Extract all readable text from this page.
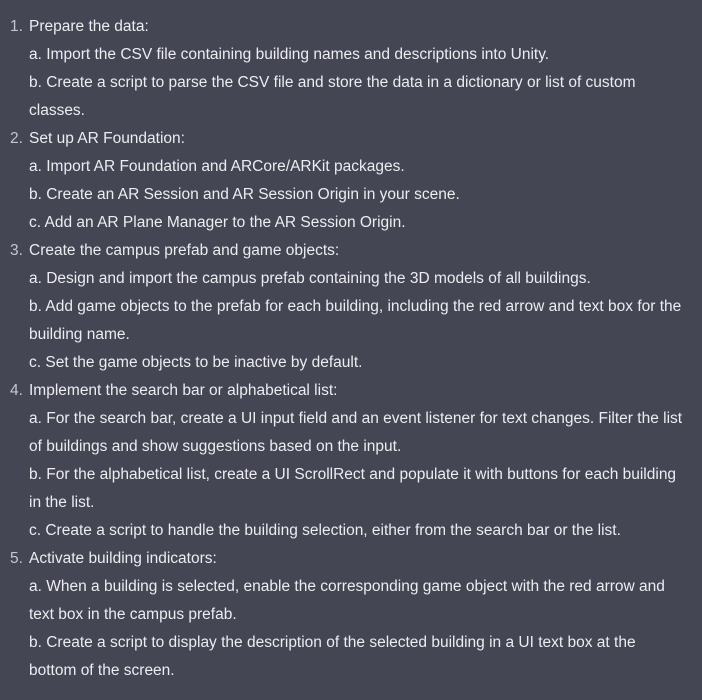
1. Prepare the data:
a. Import the CSV file containing building names and descriptions into Unity.
b. Create a script to parse the CSV file and store the data in a dictionary or list of custom classes.
2. Set up AR Foundation:
a. Import AR Foundation and ARCore/ARKit packages.
b. Create an AR Session and AR Session Origin in your scene.
c. Add an AR Plane Manager to the AR Session Origin.
3. Create the campus prefab and game objects:
a. Design and import the campus prefab containing the 3D models of all buildings.
b. Add game objects to the prefab for each building, including the red arrow and text box for the building name.
c. Set the game objects to be inactive by default.
4. Implement the search bar or alphabetical list:
a. For the search bar, create a UI input field and an event listener for text changes. Filter the list of buildings and show suggestions based on the input.
b. For the alphabetical list, create a UI ScrollRect and populate it with buttons for each building in the list.
c. Create a script to handle the building selection, either from the search bar or the list.
5. Activate building indicators:
a. When a building is selected, enable the corresponding game object with the red arrow and text box in the campus prefab.
b. Create a script to display the description of the selected building in a UI text box at the bottom of the screen.
